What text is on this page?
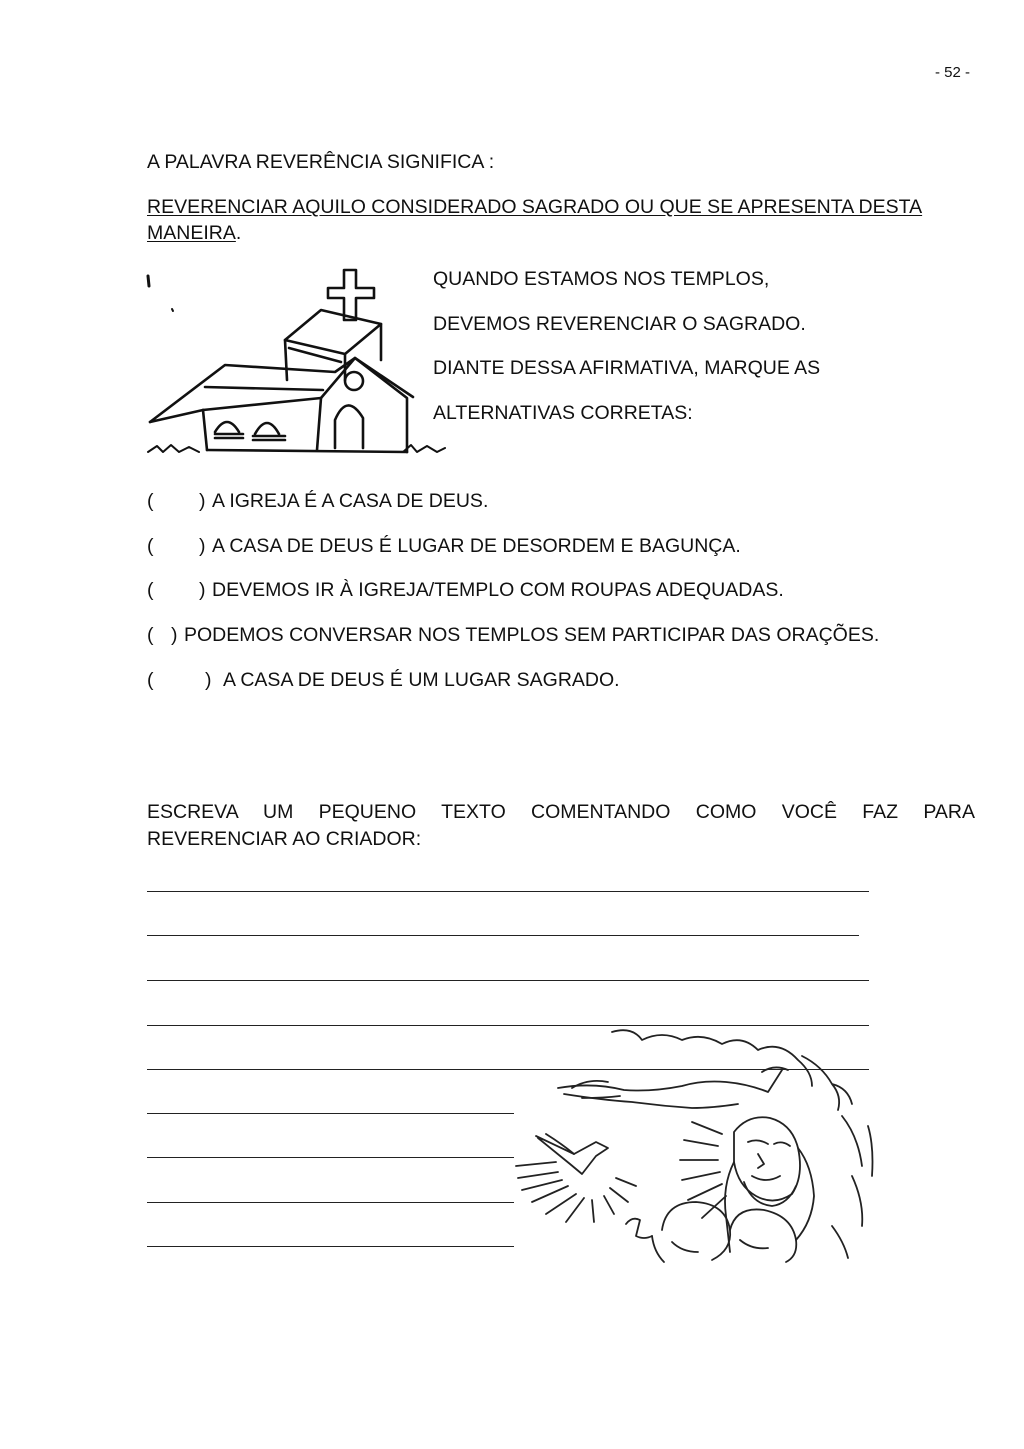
- 52 -

A PALAVRA REVERÊNCIA SIGNIFICA :

REVERENCIAR AQUILO CONSIDERADO SAGRADO OU QUE SE APRESENTA DESTA

MANEIRA.

QUANDO ESTAMOS NOS TEMPLOS,

DEVEMOS REVERENCIAR O SAGRADO.

DIANTE DESSA AFIRMATIVA, MARQUE AS

ALTERNATIVAS CORRETAS:

( ) A IGREJA É A CASA DE DEUS.
( ) A CASA DE DEUS É LUGAR DE DESORDEM E BAGUNÇA.
( ) DEVEMOS IR À IGREJA/TEMPLO COM ROUPAS ADEQUADAS.
( ) PODEMOS CONVERSAR NOS TEMPLOS SEM PARTICIPAR DAS ORAÇÕES.
(	) A CASA DE DEUS É UM LUGAR SAGRADO.

ESCREVA UM PEQUENO TEXTO COMENTANDO COMO VOCÊ FAZ PARA

REVERENCIAR AO CRIADOR:
